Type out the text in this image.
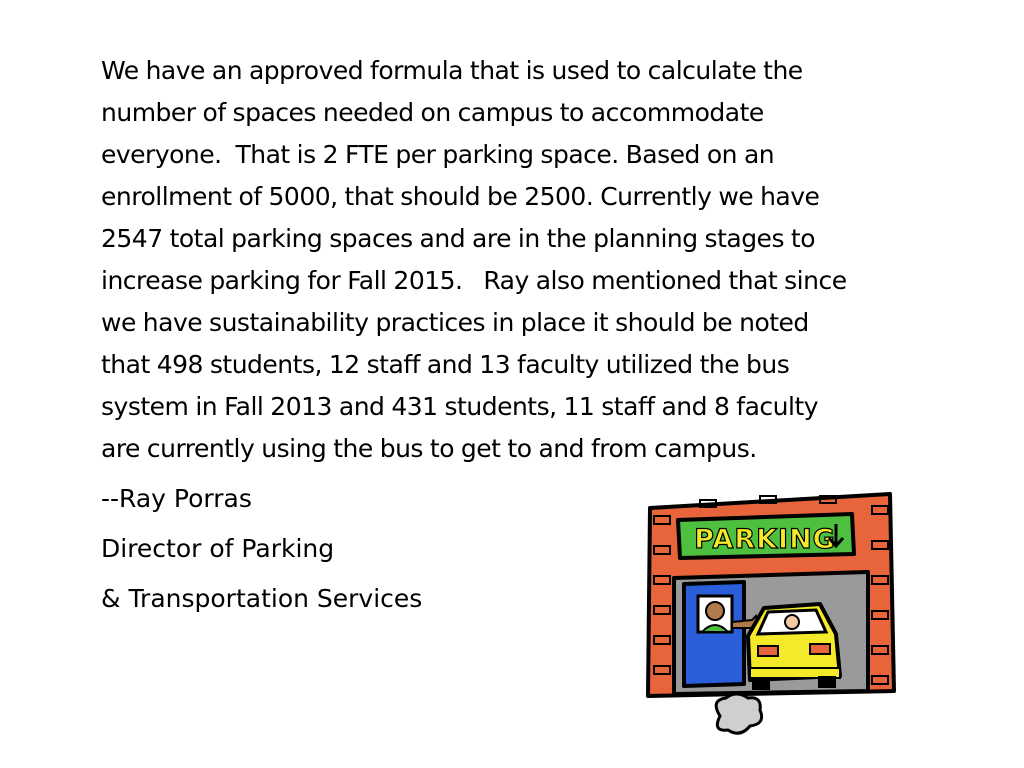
We have an approved formula that is used to calculate the
number of spaces needed on campus to accommodate
everyone.  That is 2 FTE per parking space. Based on an
enrollment of 5000, that should be 2500. Currently we have
2547 total parking spaces and are in the planning stages to
increase parking for Fall 2015.   Ray also mentioned that since
we have sustainability practices in place it should be noted
that 498 students, 12 staff and 13 faculty utilized the bus
system in Fall 2013 and 431 students, 11 staff and 8 faculty
are currently using the bus to get to and from campus.

--Ray Porras

Director of Parking

& Transportation Services

PARKING
